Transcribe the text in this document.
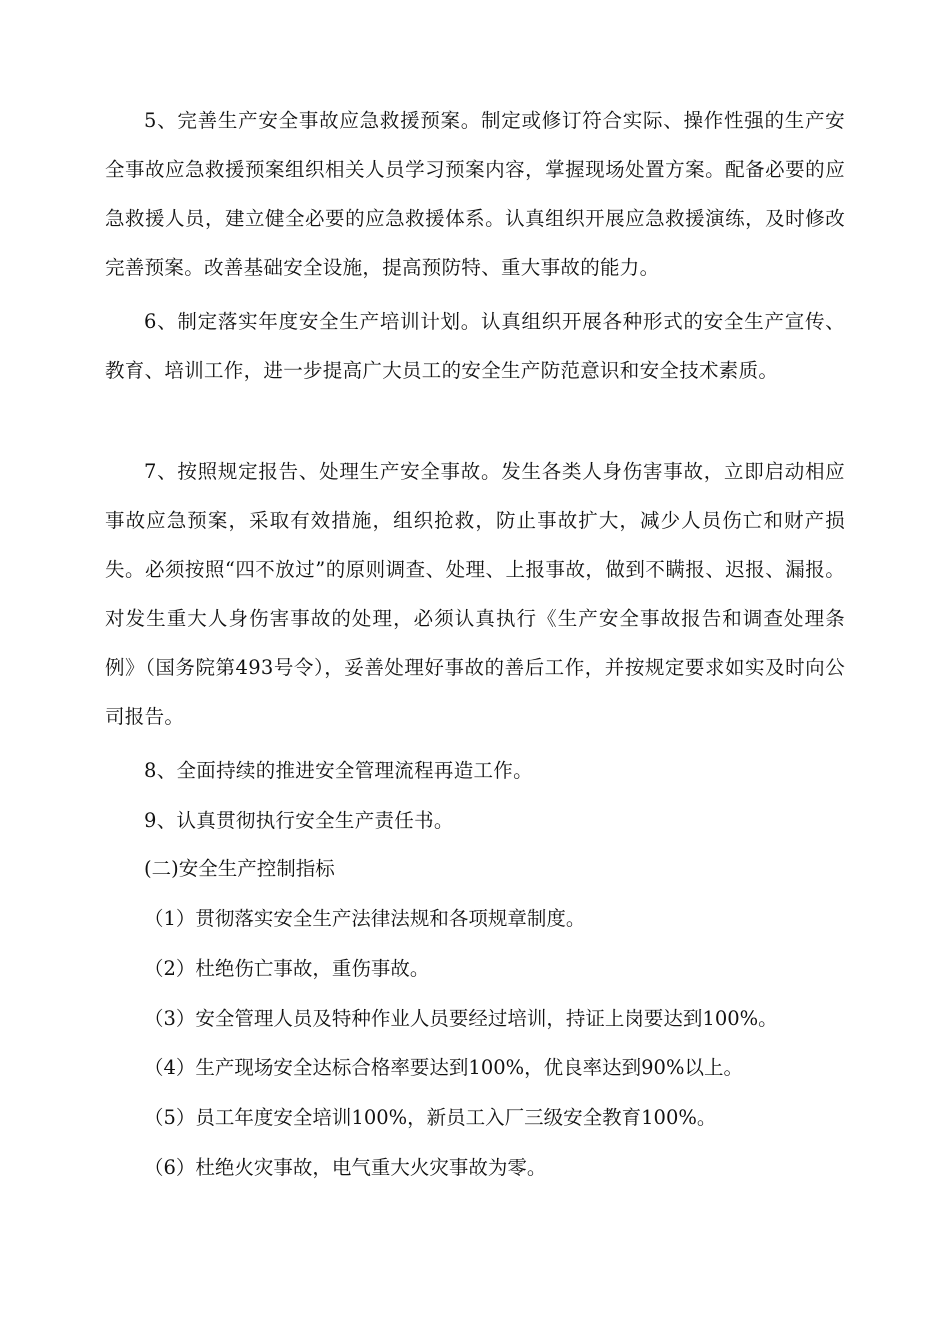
5、完善生产安全事故应急救援预案。制定或修订符合实际、操作性强的生产安全事故应急救援预案组织相关人员学习预案内容，掌握现场处置方案。配备必要的应急救援人员，建立健全必要的应急救援体系。认真组织开展应急救援演练，及时修改完善预案。改善基础安全设施，提高预防特、重大事故的能力。

6、制定落实年度安全生产培训计划。认真组织开展各种形式的安全生产宣传、教育、培训工作，进一步提高广大员工的安全生产防范意识和安全技术素质。

7、按照规定报告、处理生产安全事故。发生各类人身伤害事故，立即启动相应事故应急预案，采取有效措施，组织抢救，防止事故扩大，减少人员伤亡和财产损失。必须按照“四不放过”的原则调查、处理、上报事故，做到不瞒报、迟报、漏报。对发生重大人身伤害事故的处理，必须认真执行《生产安全事故报告和调查处理条例》（国务院第493号令），妥善处理好事故的善后工作，并按规定要求如实及时向公司报告。

8、全面持续的推进安全管理流程再造工作。

9、认真贯彻执行安全生产责任书。

(二)安全生产控制指标

（1）贯彻落实安全生产法律法规和各项规章制度。

（2）杜绝伤亡事故，重伤事故。

（3）安全管理人员及特种作业人员要经过培训，持证上岗要达到100%。

（4）生产现场安全达标合格率要达到100%，优良率达到90%以上。

（5）员工年度安全培训100%，新员工入厂三级安全教育100%。

（6）杜绝火灾事故，电气重大火灾事故为零。
